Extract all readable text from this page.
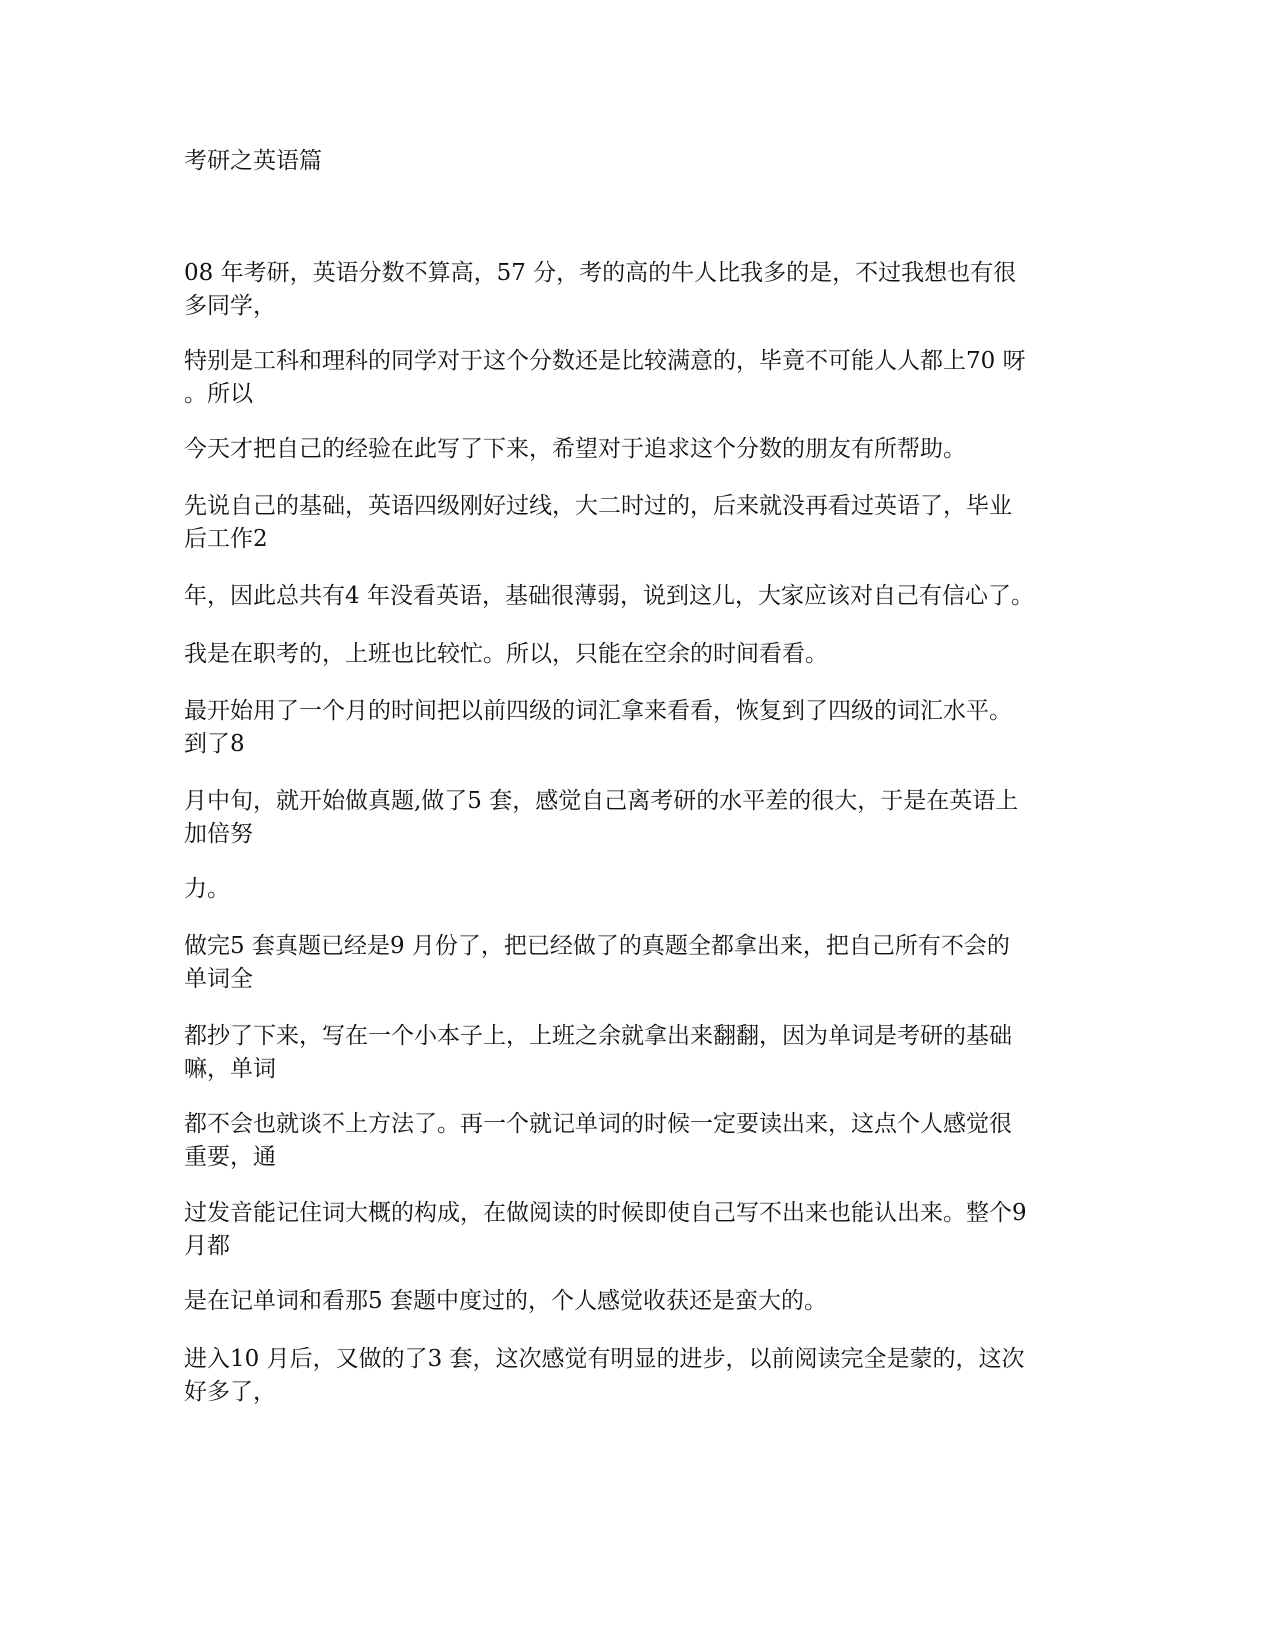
考研之英语篇

08 年考研，英语分数不算高，57 分，考的高的牛人比我多的是，不过我想也有很
多同学，

特别是工科和理科的同学对于这个分数还是比较满意的，毕竟不可能人人都上70 呀
。所以

今天才把自己的经验在此写了下来，希望对于追求这个分数的朋友有所帮助。

先说自己的基础，英语四级刚好过线，大二时过的，后来就没再看过英语了，毕业
后工作2

年，因此总共有4 年没看英语，基础很薄弱，说到这儿，大家应该对自己有信心了。

我是在职考的，上班也比较忙。所以，只能在空余的时间看看。

最开始用了一个月的时间把以前四级的词汇拿来看看，恢复到了四级的词汇水平。
到了8

月中旬，就开始做真题,做了5 套，感觉自己离考研的水平差的很大，于是在英语上
加倍努

力。

做完5 套真题已经是9 月份了，把已经做了的真题全都拿出来，把自己所有不会的
单词全

都抄了下来，写在一个小本子上，上班之余就拿出来翻翻，因为单词是考研的基础
嘛，单词

都不会也就谈不上方法了。再一个就记单词的时候一定要读出来，这点个人感觉很
重要，通

过发音能记住词大概的构成，在做阅读的时候即使自己写不出来也能认出来。整个9
月都

是在记单词和看那5 套题中度过的，个人感觉收获还是蛮大的。

进入10 月后，又做的了3 套，这次感觉有明显的进步，以前阅读完全是蒙的，这次
好多了，
